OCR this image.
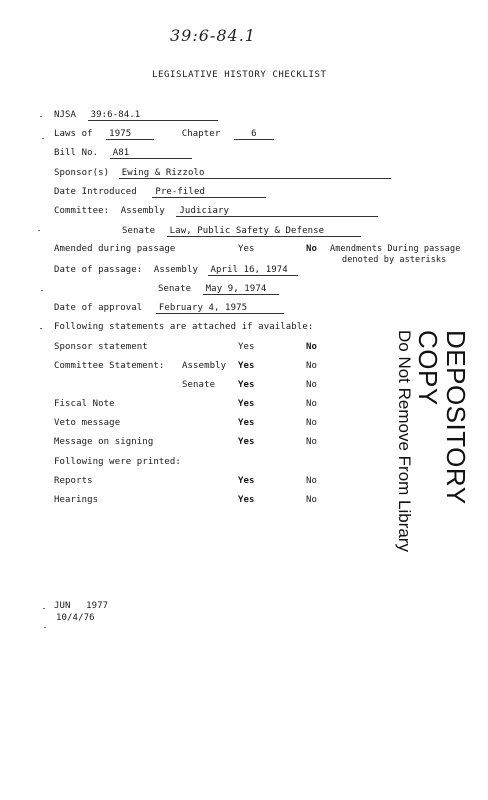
39:6-84.1
LEGISLATIVE HISTORY CHECKLIST
NJSA 39:6-84.1
Laws of 1975	Chapter	6
Bill No. A81
Sponsor(s) Ewing & Rizzolo
Date Introduced Pre-filed
Committee: Assembly Judiciary
Senate Law, Public Safety & Defense
Amended during passage	Yes	No Amendments During passage
denoted by asterisks
Date of passage: Assembly April 16, 1974
Senate May 9, 1974
Date of approval February 4, 1975
Following statements are attached if available:
Sponsor statement	Yes	No
Committee Statement: Assembly Yes	No
Senate	Yes	No
Fiscal Note	Yes	No
Veto message	Yes	No
Message on signing	Yes	No
Following were printed:
Reports	Yes	No
Hearings	Yes	No	DEPOSITORY COPY
Do Not Remove From Library
JUN 1977
10/4/76
